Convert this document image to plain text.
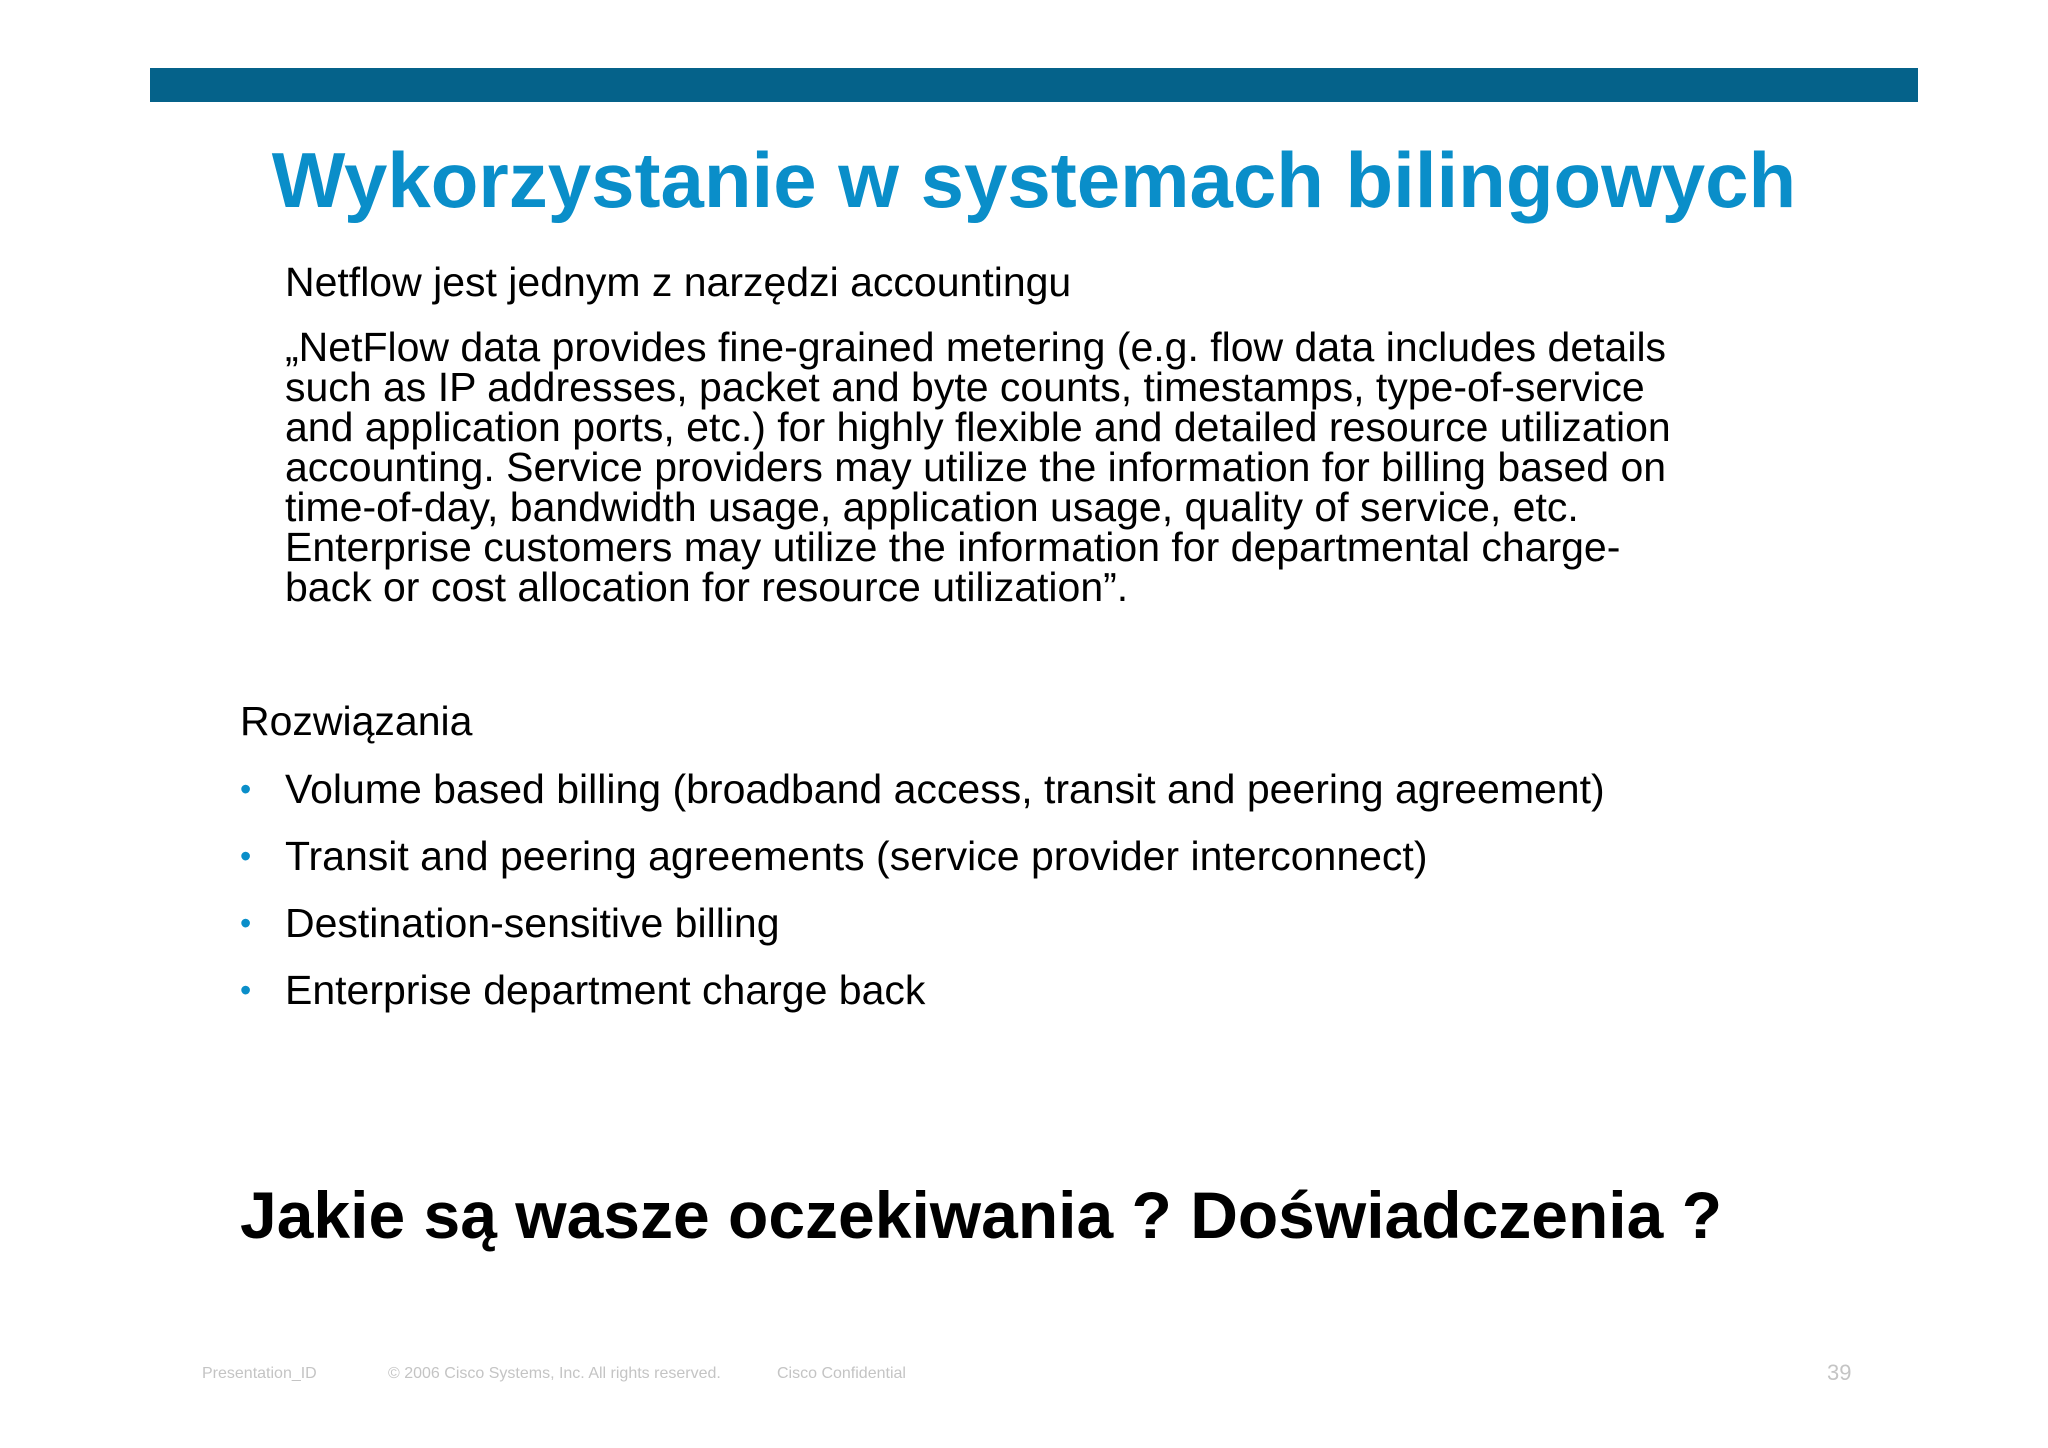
Wykorzystanie w systemach bilingowych
Netflow jest jednym z narzędzi accountingu
„NetFlow data provides fine-grained metering (e.g. flow data includes details
such as IP addresses, packet and byte counts, timestamps, type-of-service
and application ports, etc.) for highly flexible and detailed resource utilization
accounting. Service providers may utilize the information for billing based on
time-of-day, bandwidth usage, application usage, quality of service, etc.
Enterprise customers may utilize the information for departmental charge-
back or cost allocation for resource utilization”.
Rozwiązania
• Volume based billing (broadband access, transit and peering agreement)
• Transit and peering agreements (service provider interconnect)
• Destination-sensitive billing
• Enterprise department charge back
Jakie są wasze oczekiwania ? Doświadczenia ?
Presentation_ID	© 2006 Cisco Systems, Inc. All rights reserved.	Cisco Confidential	39
